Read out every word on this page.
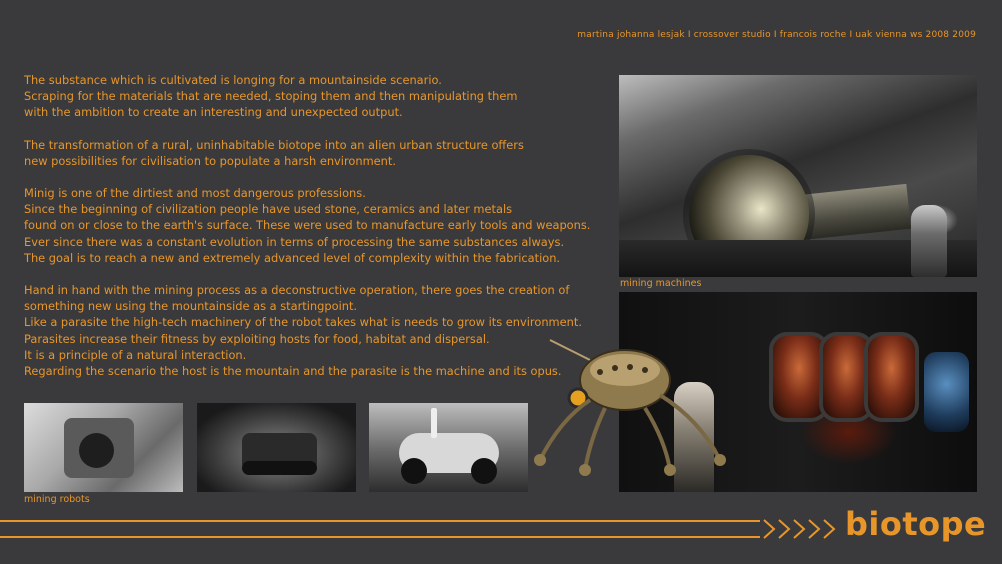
martina johanna lesjak I crossover studio I francois roche I uak vienna ws 2008 2009

The substance which is cultivated is longing for a mountainside scenario.
Scraping for the materials that are needed, stoping them and then manipulating them
with the ambition to create an interesting and unexpected output.

The transformation of a rural, uninhabitable biotope into an alien urban structure offers
new possibilities for civilisation to populate a harsh environment.

Minig is one of the dirtiest and most dangerous professions.
Since the beginning of civilization people have used stone, ceramics and later metals
found on or close to the earth's surface. These were used to manufacture early tools and weapons.
Ever since there was a constant evolution in terms of processing the same substances always.
The goal is to reach a new and extremely advanced level of complexity within the fabrication.

Hand in hand with the mining process as a deconstructive operation, there goes the creation of
something new using the mountainside as a startingpoint.
Like a parasite the high-tech machinery of the robot takes what is needs to grow its environment.
Parasites increase their fitness by exploiting hosts for food, habitat and dispersal.
It is a principle of a natural interaction.
Regarding the scenario the host is the mountain and the parasite is the machine and its opus.

mining machines
mining robots
biotope
